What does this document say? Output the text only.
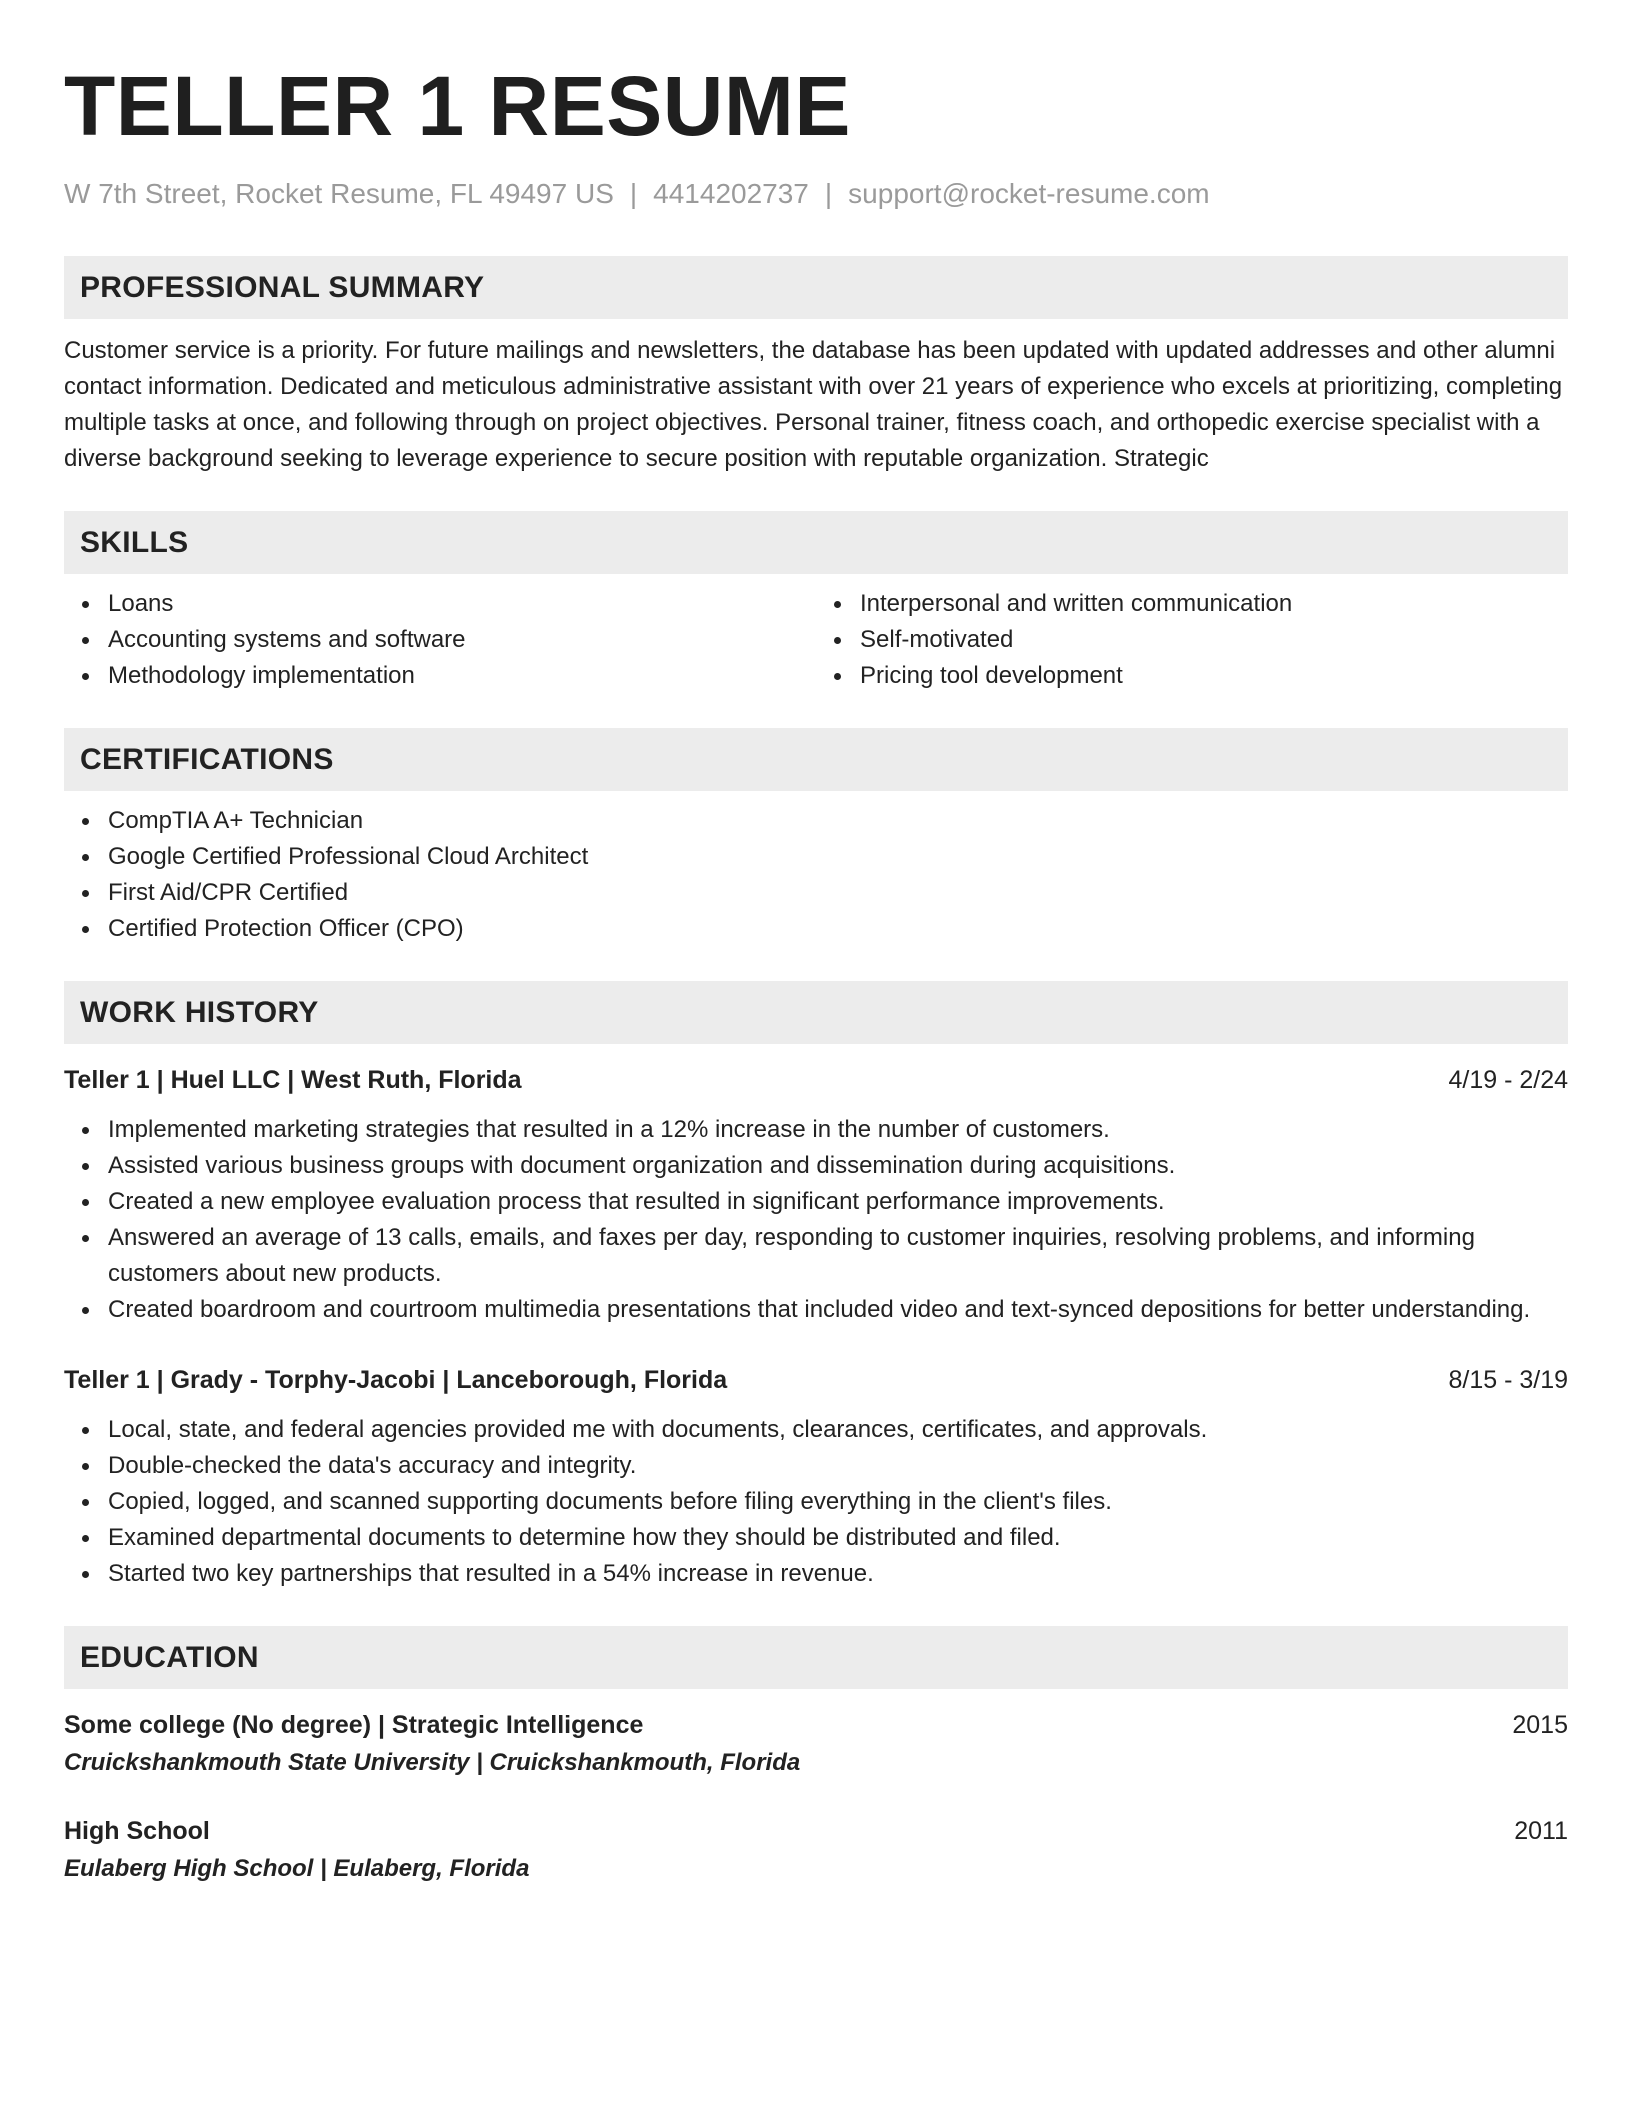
TELLER 1 RESUME
W 7th Street, Rocket Resume, FL 49497 US | 4414202737 | support@rocket-resume.com
PROFESSIONAL SUMMARY

Customer service is a priority. For future mailings and newsletters, the database has been updated with updated addresses and other alumni contact information. Dedicated and meticulous administrative assistant with over 21 years of experience who excels at prioritizing, completing multiple tasks at once, and following through on project objectives. Personal trainer, fitness coach, and orthopedic exercise specialist with a diverse background seeking to leverage experience to secure position with reputable organization. Strategic

SKILLS
Loans
Accounting systems and software
Methodology implementation
Interpersonal and written communication
Self-motivated
Pricing tool development
CERTIFICATIONS
CompTIA A+ Technician
Google Certified Professional Cloud Architect
First Aid/CPR Certified
Certified Protection Officer (CPO)
WORK HISTORY
Teller 1 | Huel LLC | West Ruth, Florida	4/19 - 2/24
Implemented marketing strategies that resulted in a 12% increase in the number of customers.
Assisted various business groups with document organization and dissemination during acquisitions.
Created a new employee evaluation process that resulted in significant performance improvements.
Answered an average of 13 calls, emails, and faxes per day, responding to customer inquiries, resolving problems, and informing customers about new products.
Created boardroom and courtroom multimedia presentations that included video and text-synced depositions for better understanding.
Teller 1 | Grady - Torphy-Jacobi | Lanceborough, Florida	8/15 - 3/19
Local, state, and federal agencies provided me with documents, clearances, certificates, and approvals.
Double-checked the data's accuracy and integrity.
Copied, logged, and scanned supporting documents before filing everything in the client's files.
Examined departmental documents to determine how they should be distributed and filed.
Started two key partnerships that resulted in a 54% increase in revenue.
EDUCATION
Some college (No degree) | Strategic Intelligence	2015
Cruickshankmouth State University | Cruickshankmouth, Florida
High School	2011
Eulaberg High School | Eulaberg, Florida
